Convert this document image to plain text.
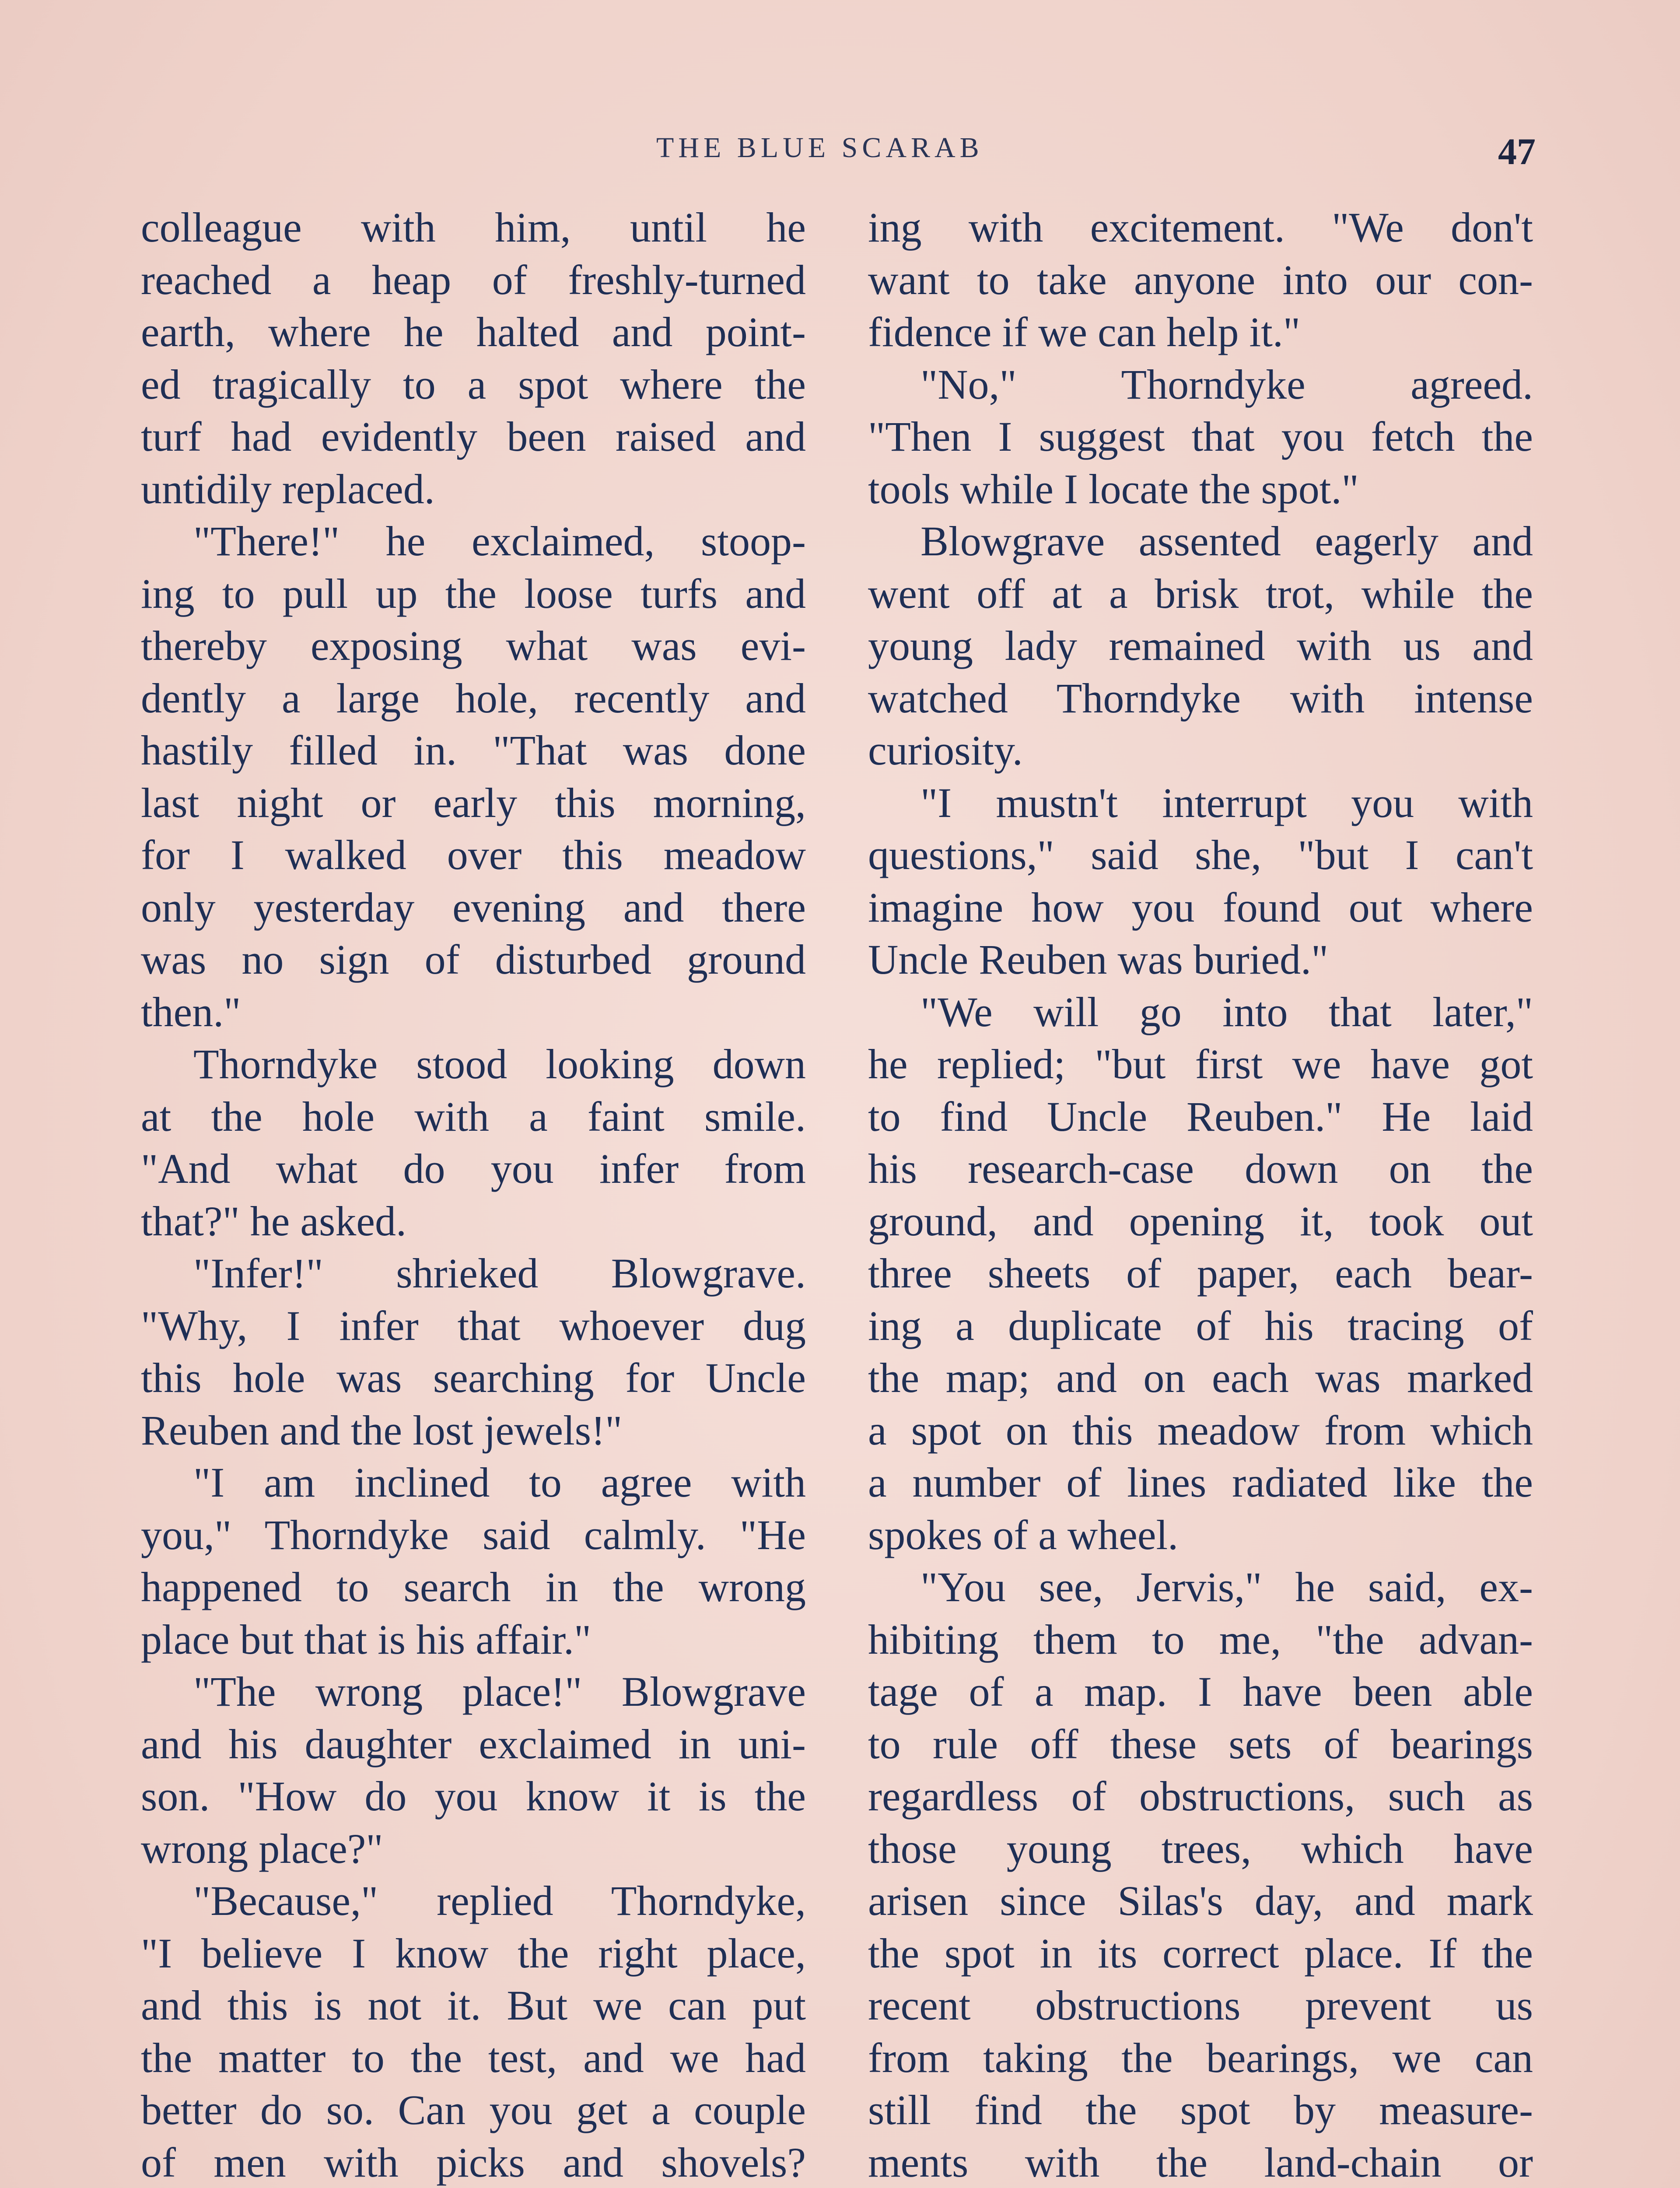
THE BLUE SCARAB	47
colleague with him, until he
reached a heap of freshly-turned
earth, where he halted and point-
ed tragically to a spot where the
turf had evidently been raised and
untidily replaced.
"There!" he exclaimed, stoop-
ing to pull up the loose turfs and
thereby exposing what was evi-
dently a large hole, recently and
hastily filled in. "That was done
last night or early this morning,
for I walked over this meadow
only yesterday evening and there
was no sign of disturbed ground
then."
Thorndyke stood looking down
at the hole with a faint smile.
"And what do you infer from
that?" he asked.
"Infer!" shrieked Blowgrave.
"Why, I infer that whoever dug
this hole was searching for Uncle
Reuben and the lost jewels!"
"I am inclined to agree with
you," Thorndyke said calmly. "He
happened to search in the wrong
place but that is his affair."
"The wrong place!" Blowgrave
and his daughter exclaimed in uni-
son. "How do you know it is the
wrong place?"
"Because," replied Thorndyke,
"I believe I know the right place,
and this is not it. But we can put
the matter to the test, and we had
better do so. Can you get a couple
of men with picks and shovels?
ing with excitement. "We don't
want to take anyone into our con-
fidence if we can help it."
"No," Thorndyke agreed.
"Then I suggest that you fetch the
tools while I locate the spot."
Blowgrave assented eagerly and
went off at a brisk trot, while the
young lady remained with us and
watched Thorndyke with intense
curiosity.
"I mustn't interrupt you with
questions," said she, "but I can't
imagine how you found out where
Uncle Reuben was buried."
"We will go into that later,"
he replied; "but first we have got
to find Uncle Reuben." He laid
his research-case down on the
ground, and opening it, took out
three sheets of paper, each bear-
ing a duplicate of his tracing of
the map; and on each was marked
a spot on this meadow from which
a number of lines radiated like the
spokes of a wheel.
"You see, Jervis," he said, ex-
hibiting them to me, "the advan-
tage of a map. I have been able
to rule off these sets of bearings
regardless of obstructions, such as
those young trees, which have
arisen since Silas's day, and mark
the spot in its correct place. If the
recent obstructions prevent us
from taking the bearings, we can
still find the spot by measure-
ments with the land-chain or
